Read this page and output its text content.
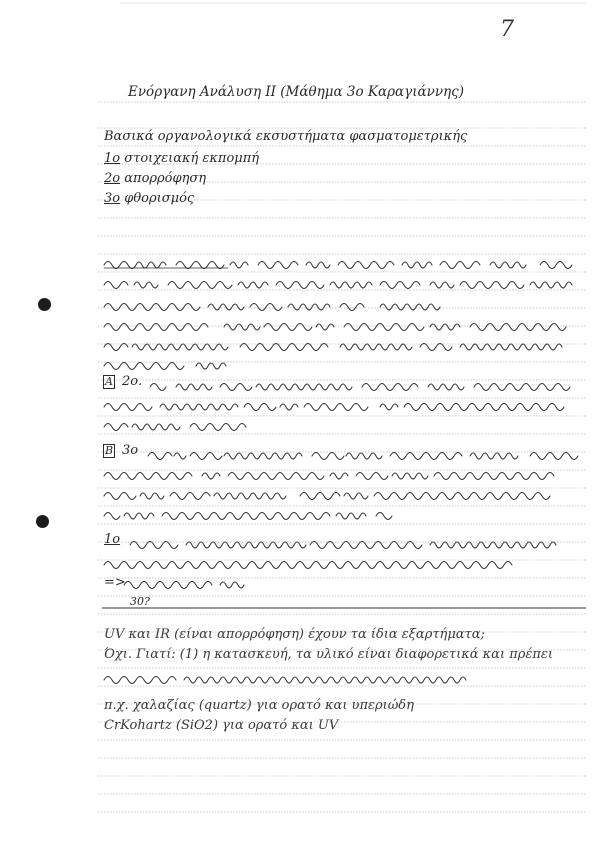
7
Ενόργανη Ανάλυση ΙΙ (Μάθημα 3ο Καραγιάννης)
Βασικά οργανολογικά εκσυστήματα φασματομετρικής
1ο στοιχειακή εκπομπή
2ο απορρόφηση
3ο φθορισμός
A 2ο.
B 3ο
1ο
=>
30?
UV και IR (είναι απορρόφηση) έχουν τα ίδια εξαρτήματα;
Όχι. Γιατί: (1) η κατασκευή, τα υλικό είναι διαφορετικά και πρέπει
π.χ. χαλαζίας (quartz) για ορατό και υπεριώδη
CrKohartz (SiO2) για ορατό και UV
